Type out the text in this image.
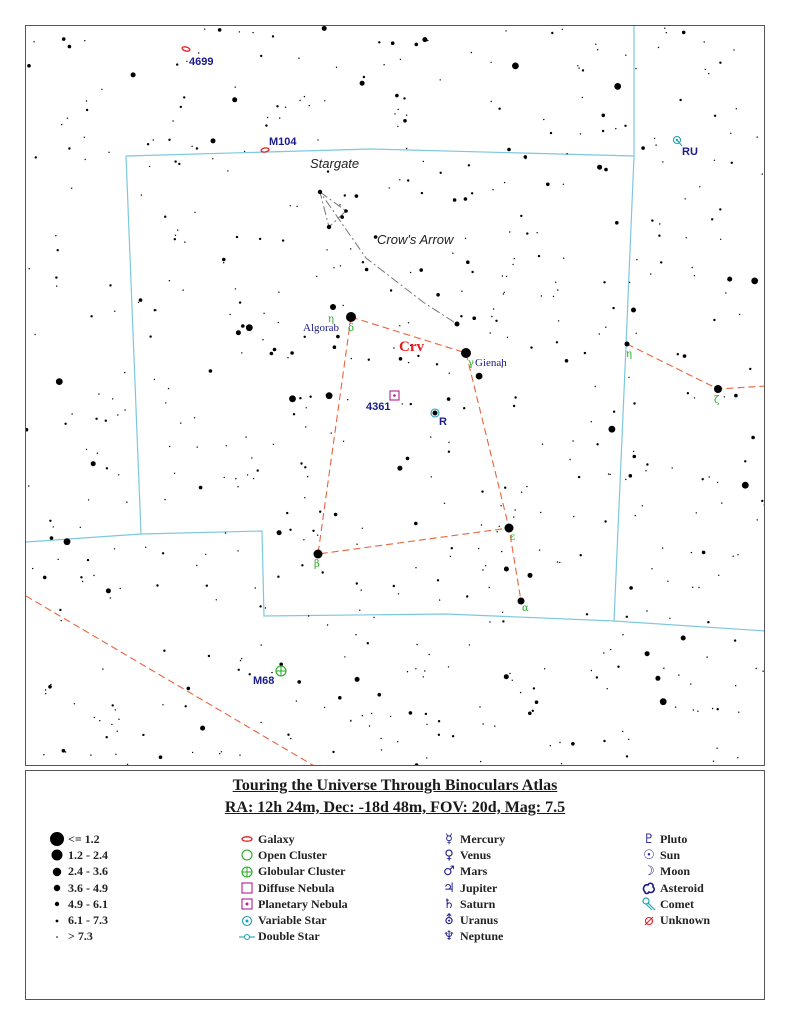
4699
M104
RU
4361
R
M68
η
δ
γ
ε
β
α
η
ζ
Algorab
Gienah
Crv
Stargate
Crow's Arrow
Touring the Universe Through Binoculars Atlas
RA: 12h 24m, Dec: -18d 48m, FOV: 20d, Mag: 7.5
<= 1.2
1.2 - 2.4
2.4 - 3.6
3.6 - 4.9
4.9 - 6.1
6.1 - 7.3
> 7.3
Galaxy
Open Cluster
Globular Cluster
Diffuse Nebula
Planetary Nebula
Variable Star
Double Star
☿ Mercury
♀ Venus
♂ Mars
♃ Jupiter
♄ Saturn
⛢ Uranus
♆ Neptune
♇ Pluto
☉ Sun
☽ Moon
Asteroid
Comet
Unknown
